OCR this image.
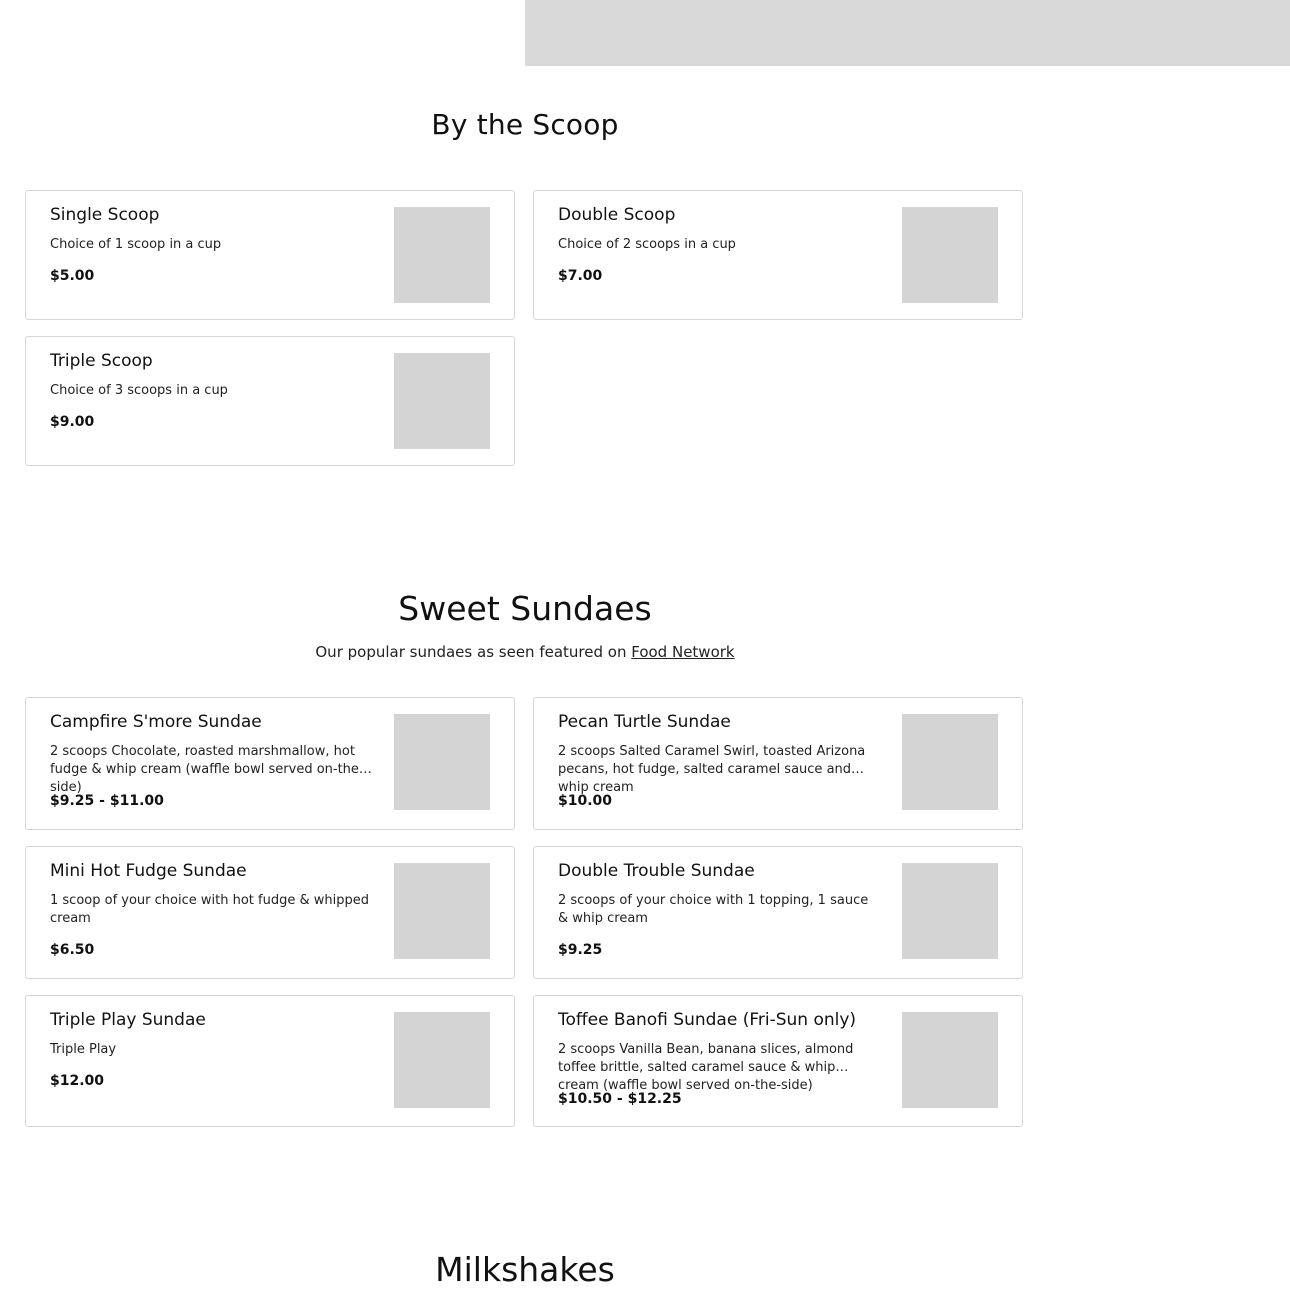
By the Scoop
Single Scoop
Choice of 1 scoop in a cup
$5.00
Double Scoop
Choice of 2 scoops in a cup
$7.00
Triple Scoop
Choice of 3 scoops in a cup
$9.00
Sweet Sundaes
Our popular sundaes as seen featured on Food Network
Campfire S'more Sundae
2 scoops Chocolate, roasted marshmallow, hot fudge & whip cream (waffle bowl served on-the-side)
$9.25 - $11.00
Pecan Turtle Sundae
2 scoops Salted Caramel Swirl, toasted Arizona pecans, hot fudge, salted caramel sauce and whip cream
$10.00
Mini Hot Fudge Sundae
1 scoop of your choice with hot fudge & whipped cream
$6.50
Double Trouble Sundae
2 scoops of your choice with 1 topping, 1 sauce & whip cream
$9.25
Triple Play Sundae
Triple Play
$12.00
Toffee Banofi Sundae (Fri-Sun only)
2 scoops Vanilla Bean, banana slices, almond toffee brittle, salted caramel sauce & whip cream (waffle bowl served on-the-side)
$10.50 - $12.25
Milkshakes
